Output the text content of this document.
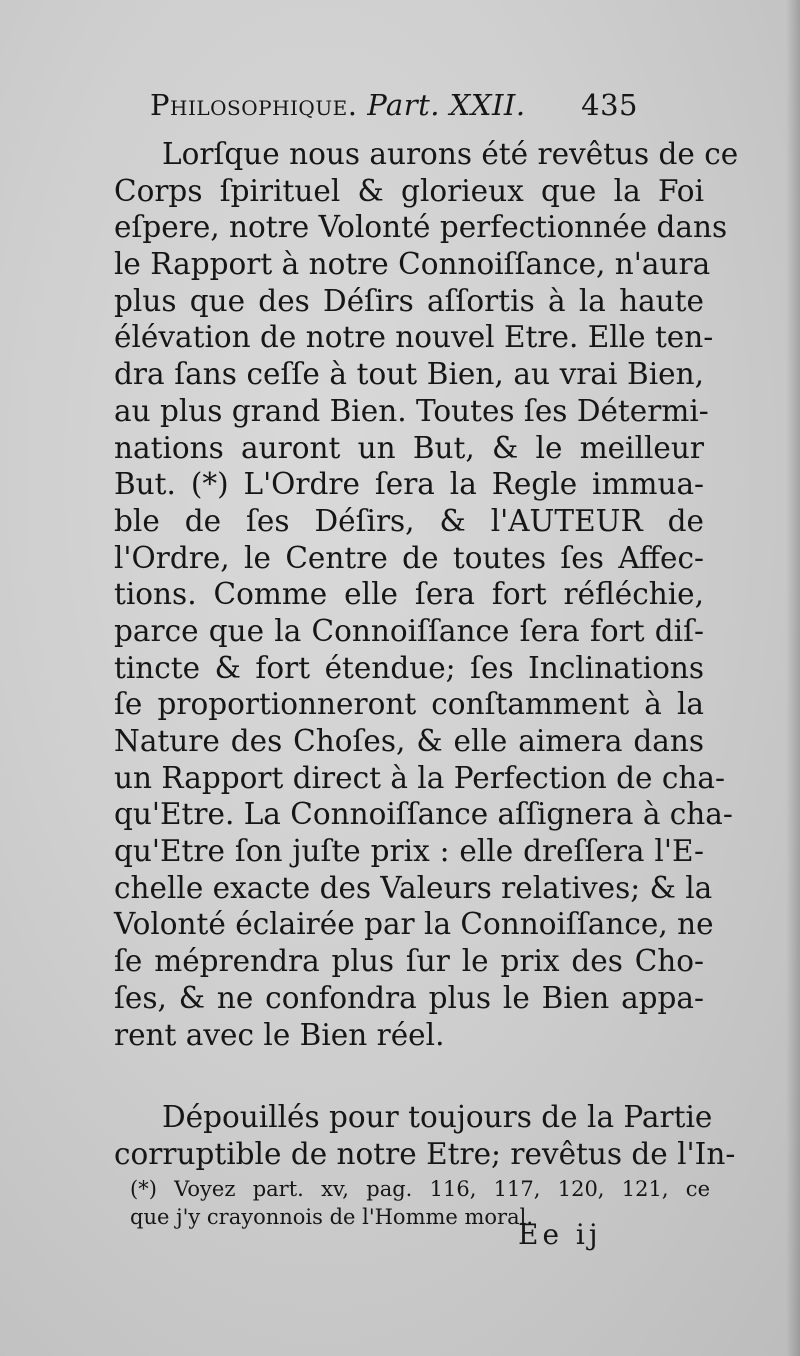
Philosophique. Part. XXII. 435
Lorſque nous aurons été revêtus de ce
Corps ſpirituel & glorieux que la Foi
eſpere, notre Volonté perfectionnée dans
le Rapport à notre Connoiſſance, n'aura
plus que des Déſirs aſſortis à la haute
élévation de notre nouvel Etre. Elle ten-
dra ſans ceſſe à tout Bien, au vrai Bien,
au plus grand Bien. Toutes ſes Détermi-
nations auront un But, & le meilleur
But. (*) L'Ordre ſera la Regle immua-
ble de ſes Déſirs, & l'AUTEUR de
l'Ordre, le Centre de toutes ſes Affec-
tions. Comme elle ſera fort réfléchie,
parce que la Connoiſſance ſera fort diſ-
tincte & fort étendue; ſes Inclinations
ſe proportionneront conſtamment à la
Nature des Choſes, & elle aimera dans
un Rapport direct à la Perfection de cha-
qu'Etre. La Connoiſſance aſſignera à cha-
qu'Etre ſon juſte prix : elle dreſſera l'E-
chelle exacte des Valeurs relatives; & la
Volonté éclairée par la Connoiſſance, ne
ſe méprendra plus ſur le prix des Cho-
ſes, & ne confondra plus le Bien appa-
rent avec le Bien réel.
Dépouillés pour toujours de la Partie
corruptible de notre Etre; revêtus de l'In-
(*) Voyez part. xv, pag. 116, 117, 120, 121, ce
que j'y crayonnois de l'Homme moral.
Ee ij
